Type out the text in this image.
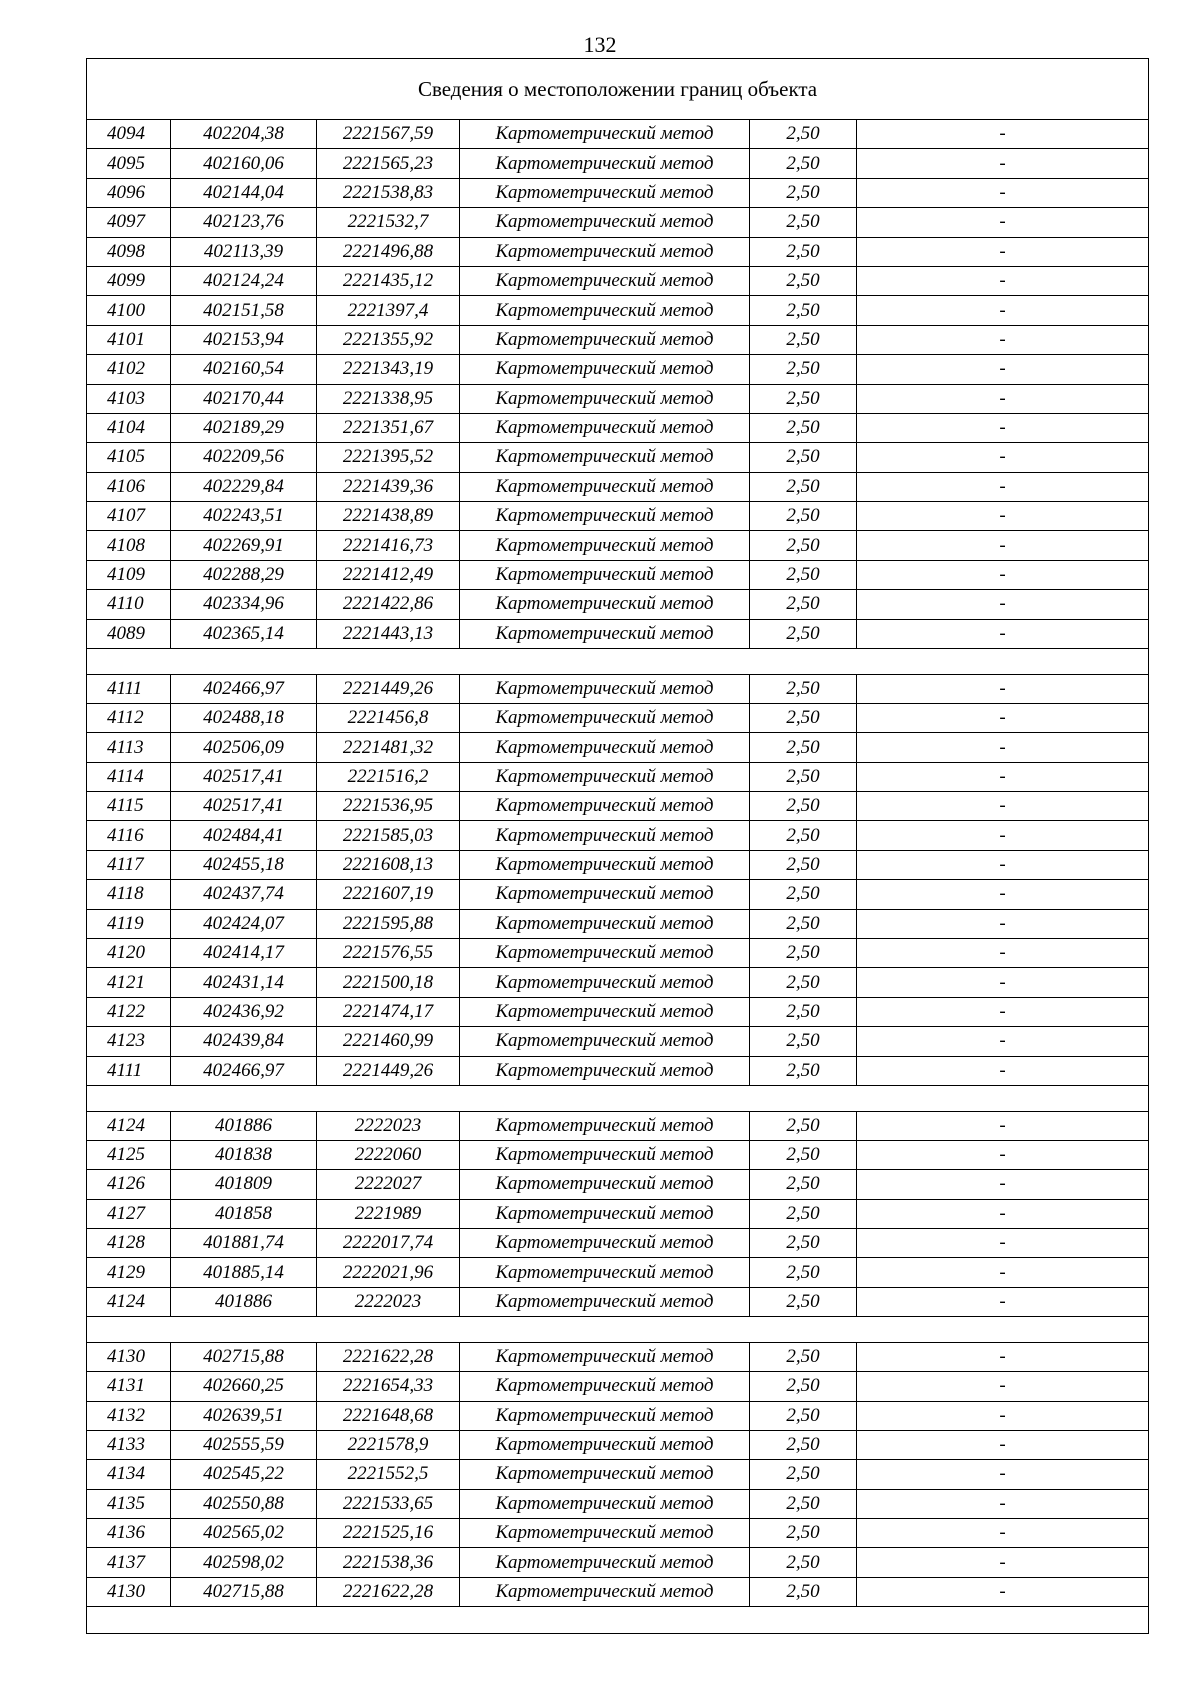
132
Сведения о местоположении границ объекта					
4094	402204,38	2221567,59	Картометрический метод	2,50	-
4095	402160,06	2221565,23	Картометрический метод	2,50	-
4096	402144,04	2221538,83	Картометрический метод	2,50	-
4097	402123,76	2221532,7	Картометрический метод	2,50	-
4098	402113,39	2221496,88	Картометрический метод	2,50	-
4099	402124,24	2221435,12	Картометрический метод	2,50	-
4100	402151,58	2221397,4	Картометрический метод	2,50	-
4101	402153,94	2221355,92	Картометрический метод	2,50	-
4102	402160,54	2221343,19	Картометрический метод	2,50	-
4103	402170,44	2221338,95	Картометрический метод	2,50	-
4104	402189,29	2221351,67	Картометрический метод	2,50	-
4105	402209,56	2221395,52	Картометрический метод	2,50	-
4106	402229,84	2221439,36	Картометрический метод	2,50	-
4107	402243,51	2221438,89	Картометрический метод	2,50	-
4108	402269,91	2221416,73	Картометрический метод	2,50	-
4109	402288,29	2221412,49	Картометрический метод	2,50	-
4110	402334,96	2221422,86	Картометрический метод	2,50	-
4089	402365,14	2221443,13	Картометрический метод	2,50	-

4111	402466,97	2221449,26	Картометрический метод	2,50	-
4112	402488,18	2221456,8	Картометрический метод	2,50	-
4113	402506,09	2221481,32	Картометрический метод	2,50	-
4114	402517,41	2221516,2	Картометрический метод	2,50	-
4115	402517,41	2221536,95	Картометрический метод	2,50	-
4116	402484,41	2221585,03	Картометрический метод	2,50	-
4117	402455,18	2221608,13	Картометрический метод	2,50	-
4118	402437,74	2221607,19	Картометрический метод	2,50	-
4119	402424,07	2221595,88	Картометрический метод	2,50	-
4120	402414,17	2221576,55	Картометрический метод	2,50	-
4121	402431,14	2221500,18	Картометрический метод	2,50	-
4122	402436,92	2221474,17	Картометрический метод	2,50	-
4123	402439,84	2221460,99	Картометрический метод	2,50	-
4111	402466,97	2221449,26	Картометрический метод	2,50	-

4124	401886	2222023	Картометрический метод	2,50	-
4125	401838	2222060	Картометрический метод	2,50	-
4126	401809	2222027	Картометрический метод	2,50	-
4127	401858	2221989	Картометрический метод	2,50	-
4128	401881,74	2222017,74	Картометрический метод	2,50	-
4129	401885,14	2222021,96	Картометрический метод	2,50	-
4124	401886	2222023	Картометрический метод	2,50	-

4130	402715,88	2221622,28	Картометрический метод	2,50	-
4131	402660,25	2221654,33	Картометрический метод	2,50	-
4132	402639,51	2221648,68	Картометрический метод	2,50	-
4133	402555,59	2221578,9	Картометрический метод	2,50	-
4134	402545,22	2221552,5	Картометрический метод	2,50	-
4135	402550,88	2221533,65	Картометрический метод	2,50	-
4136	402565,02	2221525,16	Картометрический метод	2,50	-
4137	402598,02	2221538,36	Картометрический метод	2,50	-
4130	402715,88	2221622,28	Картометрический метод	2,50	-
